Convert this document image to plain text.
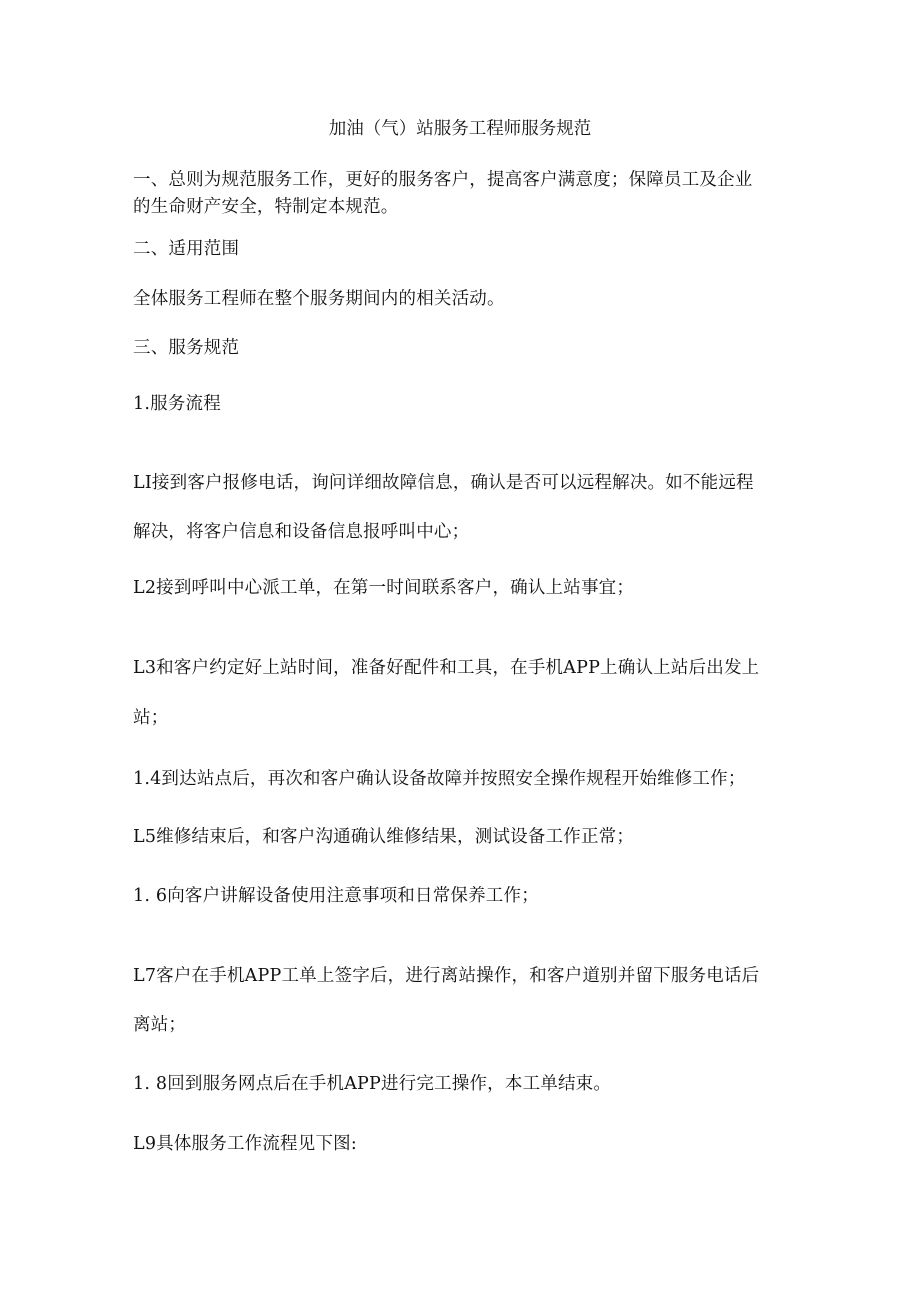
加油（气）站服务工程师服务规范
一、总则为规范服务工作，更好的服务客户，提高客户满意度；保障员工及企业
的生命财产安全，特制定本规范。
二、适用范围
全体服务工程师在整个服务期间内的相关活动。
三、服务规范
1.服务流程
LI接到客户报修电话，询问详细故障信息，确认是否可以远程解决。如不能远程
解决，将客户信息和设备信息报呼叫中心；
L2接到呼叫中心派工单，在第一时间联系客户，确认上站事宜；
L3和客户约定好上站时间，准备好配件和工具，在手机APP上确认上站后出发上
站；
1.4到达站点后，再次和客户确认设备故障并按照安全操作规程开始维修工作；
L5维修结束后，和客户沟通确认维修结果，测试设备工作正常；
1. 6向客户讲解设备使用注意事项和日常保养工作；
L7客户在手机APP工单上签字后，进行离站操作，和客户道别并留下服务电话后
离站；
1. 8回到服务网点后在手机APP进行完工操作，本工单结束。
L9具体服务工作流程见下图:
